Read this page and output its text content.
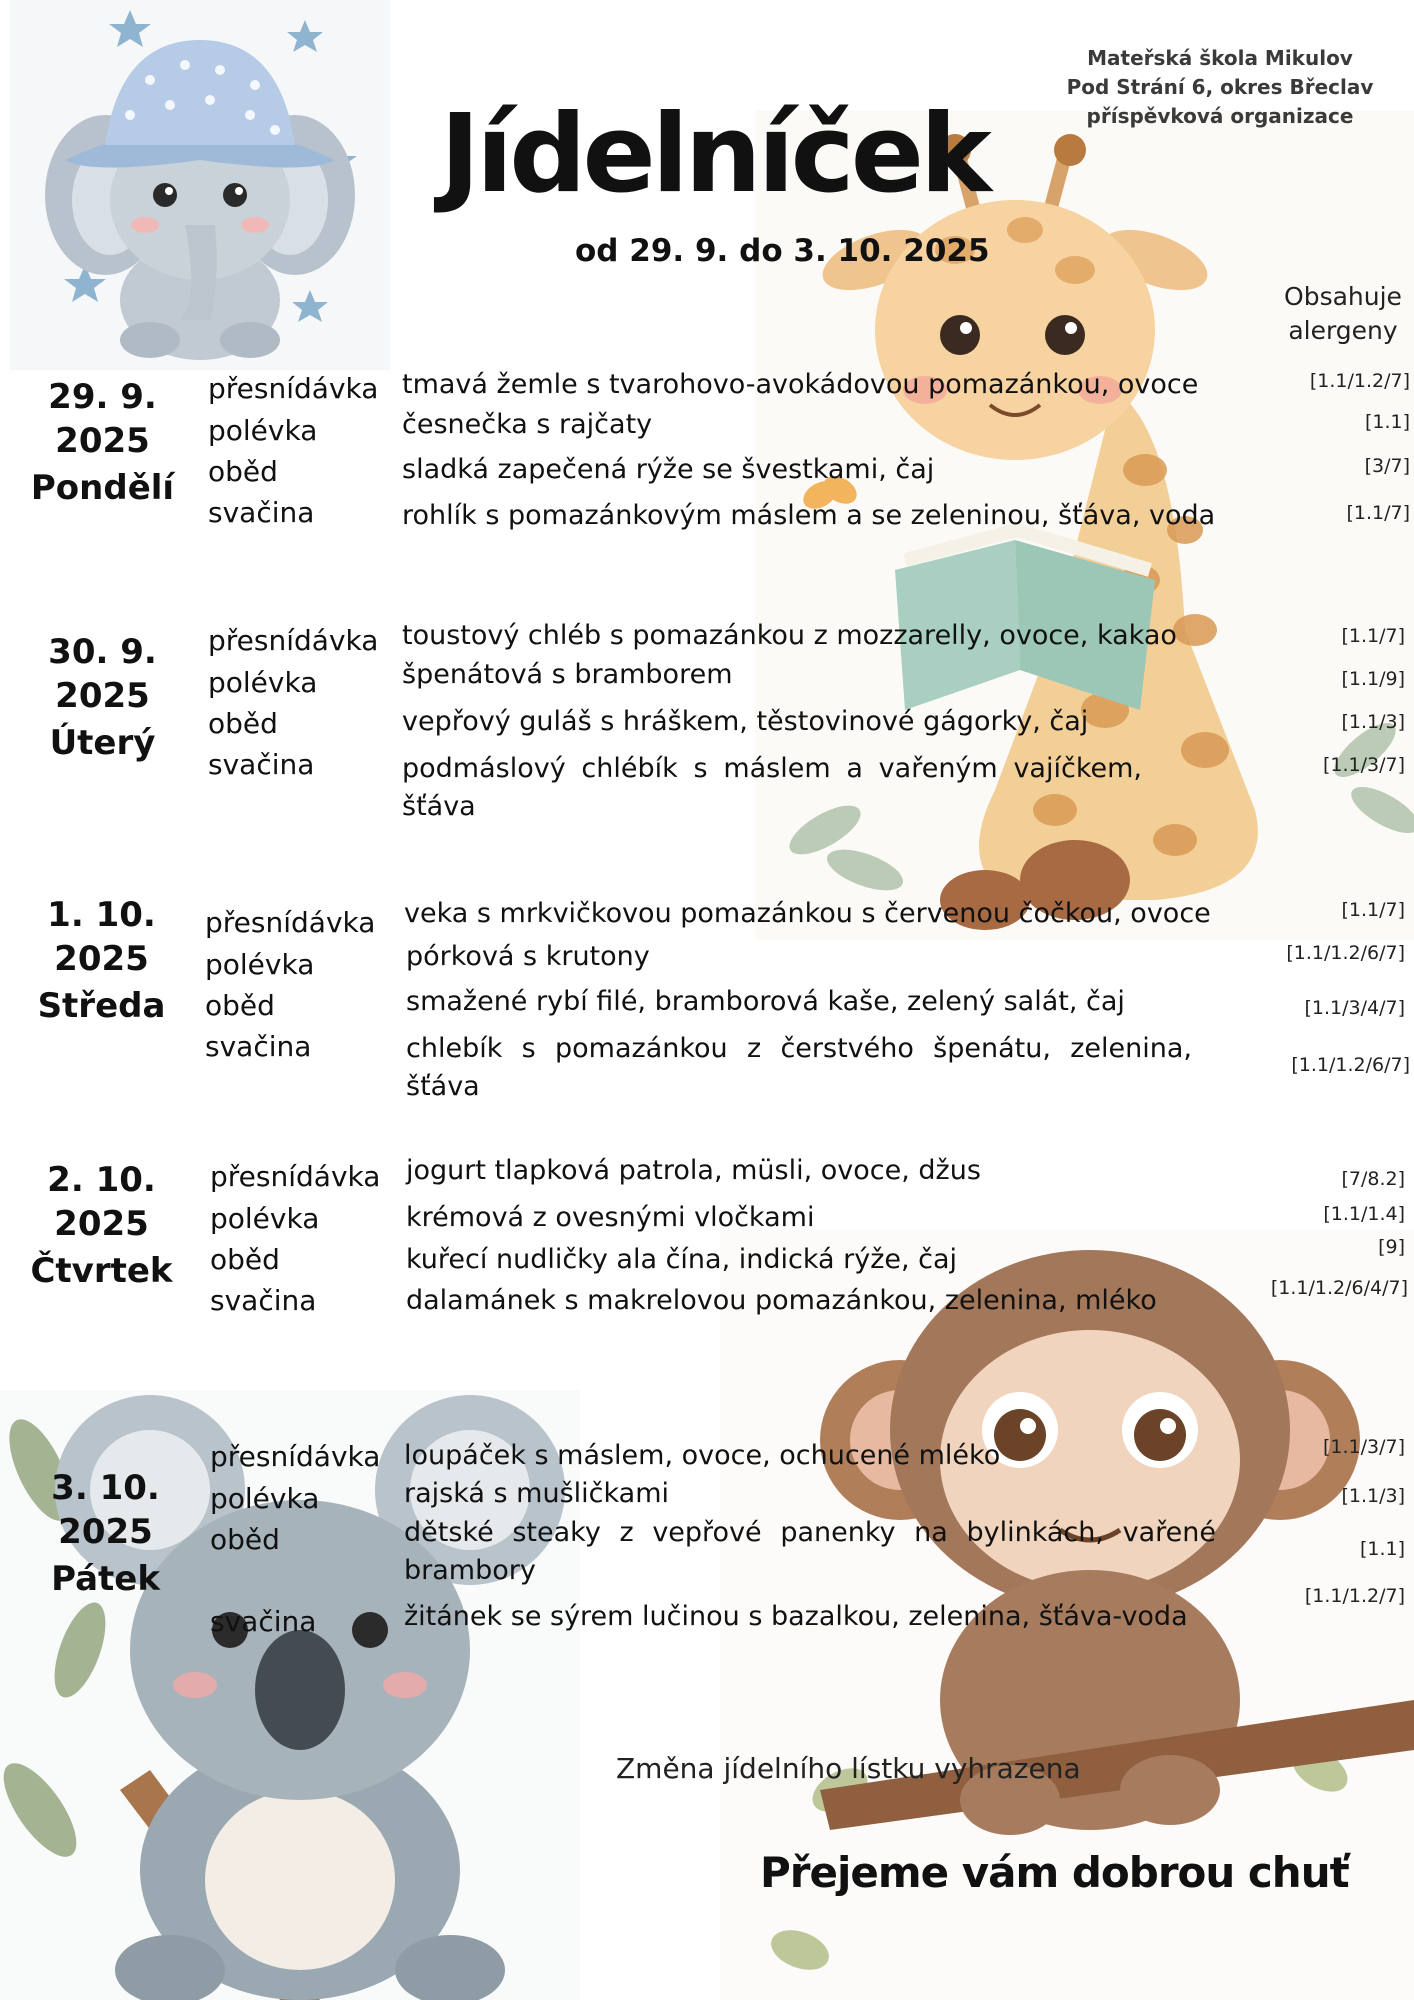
Mateřská škola Mikulov
Pod Strání 6, okres Břeclav
příspěvková organizace
Jídelníček
od 29. 9. do 3. 10. 2025
Obsahuje
alergeny
29. 9. 2025
Pondělí
přesnídávka
polévka
oběd
svačina
tmavá žemle s tvarohovo-avokádovou pomazánkou, ovoce
česnečka s rajčaty
sladká zapečená rýže se švestkami, čaj
rohlík s pomazánkovým máslem a se zeleninou, šťáva, voda
[1.1/1.2/7]
[1.1]
[3/7]
[1.1/7]
30. 9. 2025
Úterý
přesnídávka
polévka
oběd
svačina
toustový chléb s pomazánkou z mozzarelly, ovoce, kakao
špenátová s bramborem
vepřový guláš s hráškem, těstovinové gágorky, čaj
podmáslový chlébík s máslem a vařeným vajíčkem, šťáva
[1.1/7]
[1.1/9]
[1.1/3]
[1.1/3/7]
1. 10. 2025
Středa
přesnídávka
polévka
oběd
svačina
veka s mrkvičkovou pomazánkou s červenou čočkou, ovoce
pórková s krutony
smažené rybí filé, bramborová kaše, zelený salát, čaj
chlebík s pomazánkou z čerstvého špenátu, zelenina, šťáva
[1.1/7]
[1.1/1.2/6/7]
[1.1/3/4/7]
[1.1/1.2/6/7]
2. 10. 2025
Čtvrtek
přesnídávka
polévka
oběd
svačina
jogurt tlapková patrola, müsli, ovoce, džus
krémová z ovesnými vločkami
kuřecí nudličky ala čína, indická rýže, čaj
dalamánek s makrelovou pomazánkou, zelenina, mléko
[7/8.2]
[1.1/1.4]
[9]
[1.1/1.2/6/4/7]
3. 10. 2025
Pátek
přesnídávka
polévka
oběd
svačina
loupáček s máslem, ovoce, ochucené mléko
rajská s mušličkami
dětské steaky z vepřové panenky na bylinkách, vařené brambory
žitánek se sýrem lučinou s bazalkou, zelenina, šťáva-voda
[1.1/3/7]
[1.1/3]
[1.1]
[1.1/1.2/7]
Změna jídelního lístku vyhrazena
Přejeme vám dobrou chuť
